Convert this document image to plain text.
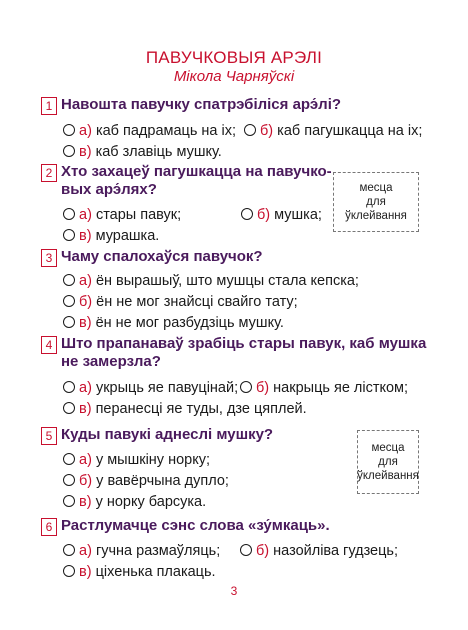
ПАВУЧКОВЫЯ АРЭЛІ
Мікола Чарняўскі
1 Навошта павучку спатрэбіліся арэ́лі?
а) каб падрамаць на іх;	б) каб пагушкацца на іх;
в) каб злавіць мушку.
2 Хто захацеў пагушкацца на павучко-
вых арэ́лях?
а) стары павук;	б) мушка;
в) мурашка.
месца
для
ўклейвання
3 Чаму спалохаўся павучок?
а) ён вырашыў, што мушцы стала кепска;
б) ён не мог знайсці свайго тату;
в) ён не мог разбудзіць мушку.
4 Што прапанаваў зрабіць стары павук, каб мушка
не замерзла?
а) укрыць яе павуцінай;	б) накрыць яе лістком;
в) перанесці яе туды, дзе цяплей.
5 Куды павукі аднеслі мушку?
а) у мышкіну норку;
б) у вавёрчына дупло;
в) у норку барсука.
месца
для
ўклейвання
6 Растлумачце сэнс слова «зу́мкаць».
а) гучна размаўляць;	б) назойліва гудзець;
в) ціхенька плакаць.
3
